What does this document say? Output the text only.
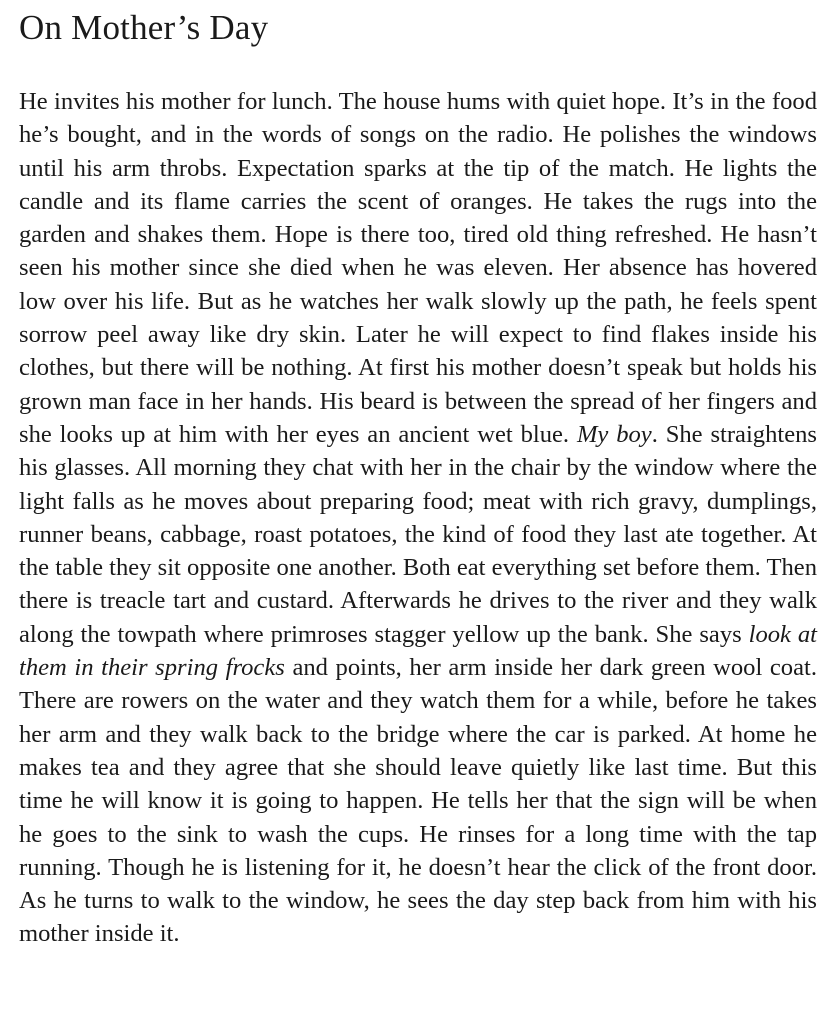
On Mother’s Day

He invites his mother for lunch. The house hums with quiet hope. It’s in the food he’s bought, and in the words of songs on the radio. He polishes the windows until his arm throbs. Expectation sparks at the tip of the match. He lights the candle and its flame carries the scent of oranges. He takes the rugs into the garden and shakes them. Hope is there too, tired old thing refreshed. He hasn’t seen his mother since she died when he was eleven. Her absence has hovered low over his life. But as he watches her walk slowly up the path, he feels spent sorrow peel away like dry skin. Later he will expect to find flakes inside his clothes, but there will be nothing. At first his mother doesn’t speak but holds his grown man face in her hands. His beard is between the spread of her fingers and she looks up at him with her eyes an ancient wet blue. My boy. She straightens his glasses. All morning they chat with her in the chair by the window where the light falls as he moves about preparing food; meat with rich gravy, dumplings, runner beans, cabbage, roast potatoes, the kind of food they last ate together. At the table they sit opposite one another. Both eat everything set before them. Then there is treacle tart and custard. Afterwards he drives to the river and they walk along the towpath where primroses stagger yellow up the bank. She says look at them in their spring frocks and points, her arm inside her dark green wool coat. There are rowers on the water and they watch them for a while, before he takes her arm and they walk back to the bridge where the car is parked. At home he makes tea and they agree that she should leave quietly like last time. But this time he will know it is going to happen. He tells her that the sign will be when he goes to the sink to wash the cups. He rinses for a long time with the tap running. Though he is listening for it, he doesn’t hear the click of the front door. As he turns to walk to the window, he sees the day step back from him with his mother inside it.
